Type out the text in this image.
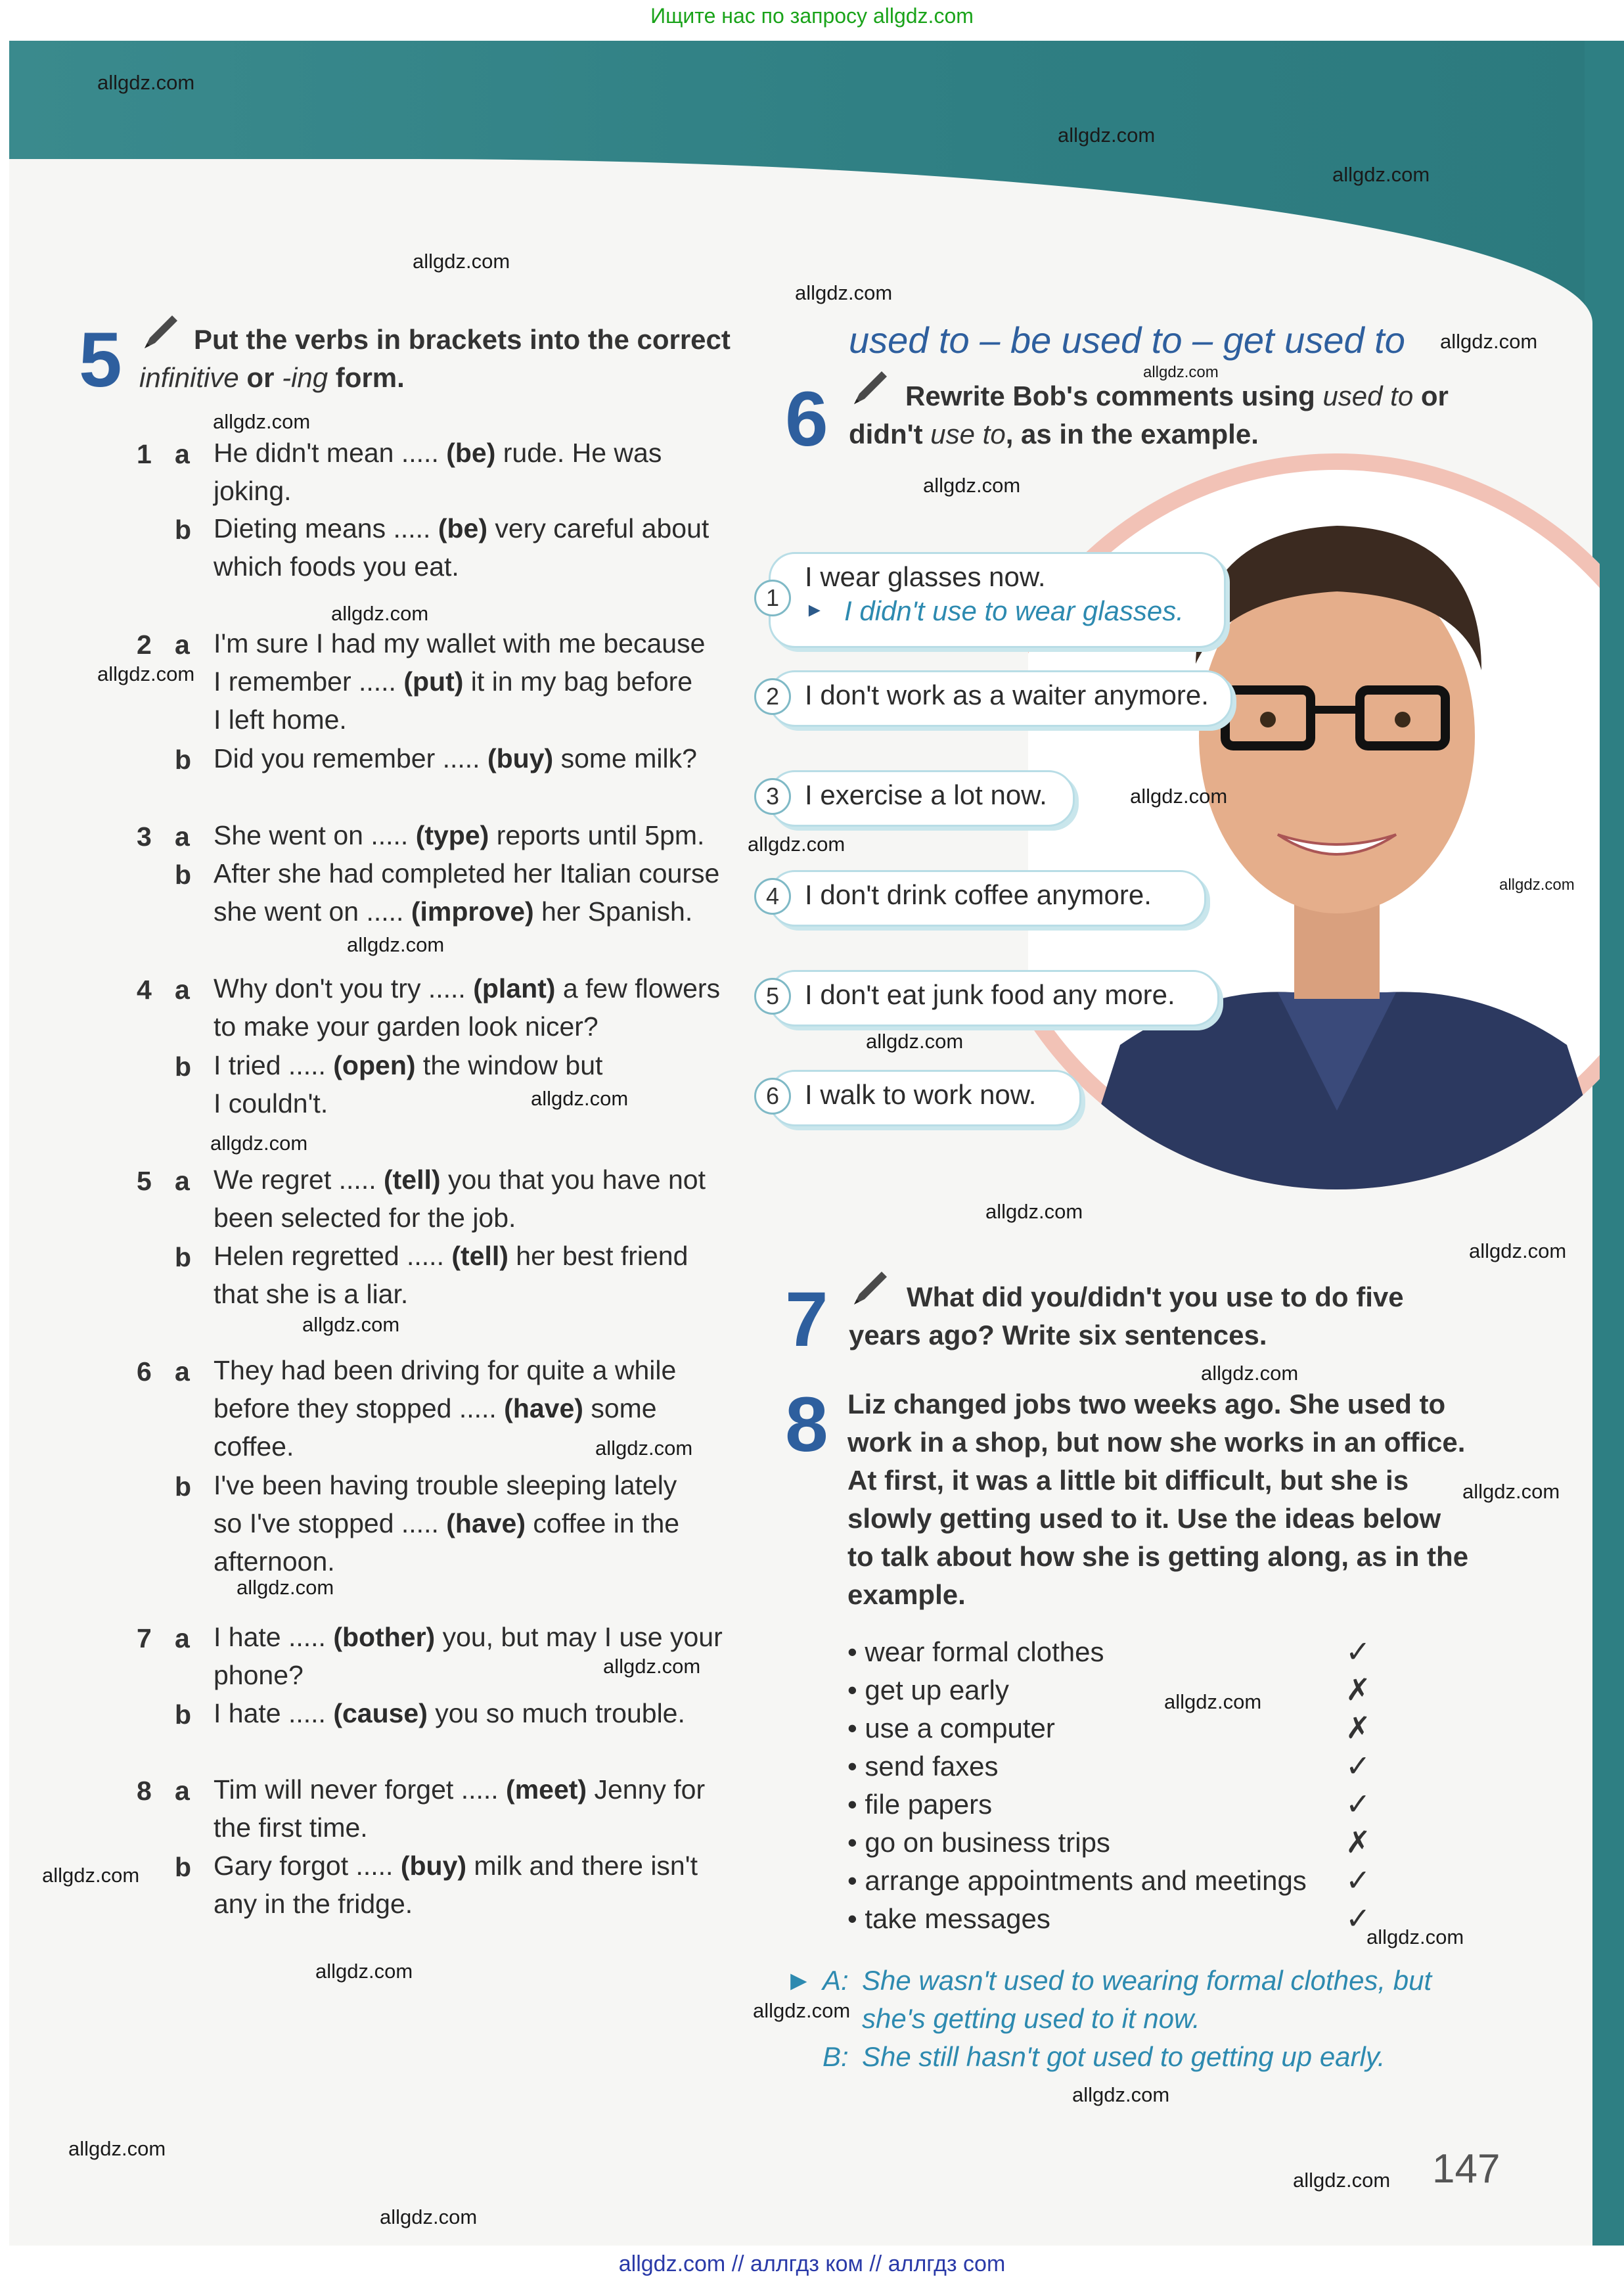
Ищите нас по запросу allgdz.com
5	Put the verbs in brackets into the correct
infinitive or -ing form.
1 a He didn't mean ..... (be) rude. He was
joking.
b Dieting means ..... (be) very careful about
which foods you eat.
2 a I'm sure I had my wallet with me because
I remember ..... (put) it in my bag before
I left home.
b Did you remember ..... (buy) some milk?
3 a She went on ..... (type) reports until 5pm.
b After she had completed her Italian course
she went on ..... (improve) her Spanish.
4 a Why don't you try ..... (plant) a few flowers
to make your garden look nicer?
b I tried ..... (open) the window but
I couldn't.
5 a We regret ..... (tell) you that you have not
been selected for the job.
b Helen regretted ..... (tell) her best friend
that she is a liar.
6 a They had been driving for quite a while
before they stopped ..... (have) some
coffee.
b I've been having trouble sleeping lately
so I've stopped ..... (have) coffee in the
afternoon.
7 a I hate ..... (bother) you, but may I use your
phone?
b I hate ..... (cause) you so much trouble.
8 a Tim will never forget ..... (meet) Jenny for
the first time.
b Gary forgot ..... (buy) milk and there isn't
any in the fridge.
used to – be used to – get used to
6	Rewrite Bob's comments using used to or
didn't use to, as in the example.
1
I wear glasses now.
► I didn't use to wear glasses.
2 I don't work as a waiter anymore.
3 I exercise a lot now.
4 I don't drink coffee anymore.
5 I don't eat junk food any more.
6 I walk to work now.
7	What did you/didn't you use to do five
years ago? Write six sentences.
8 Liz changed jobs two weeks ago. She used to
work in a shop, but now she works in an office.
At first, it was a little bit difficult, but she is
slowly getting used to it. Use the ideas below
to talk about how she is getting along, as in the
example.
• wear formal clothes	✓
• get up early	✗
• use a computer	✗
• send faxes	✓
• file papers	✓
• go on business trips	✗
• arrange appointments and meetings ✓
• take messages	✓
► A: She wasn't used to wearing formal clothes, but
she's getting used to it now.
B: She still hasn't got used to getting up early.
147
allgdz.com
allgdz.com
allgdz.com
allgdz.com
allgdz.com
allgdz.com
allgdz.com
allgdz.com
allgdz.com
allgdz.com
allgdz.com
allgdz.com
allgdz.com
allgdz.com
allgdz.com
allgdz.com
allgdz.com
allgdz.com
allgdz.com
allgdz.com
allgdz.com
allgdz.com
allgdz.com
allgdz.com
allgdz.com
allgdz.com
allgdz.com
allgdz.com
allgdz.com
allgdz.com
allgdz.com
allgdz.com
allgdz.com
allgdz.com
allgdz.com
allgdz.com // аллгдз ком // аллгдз com
